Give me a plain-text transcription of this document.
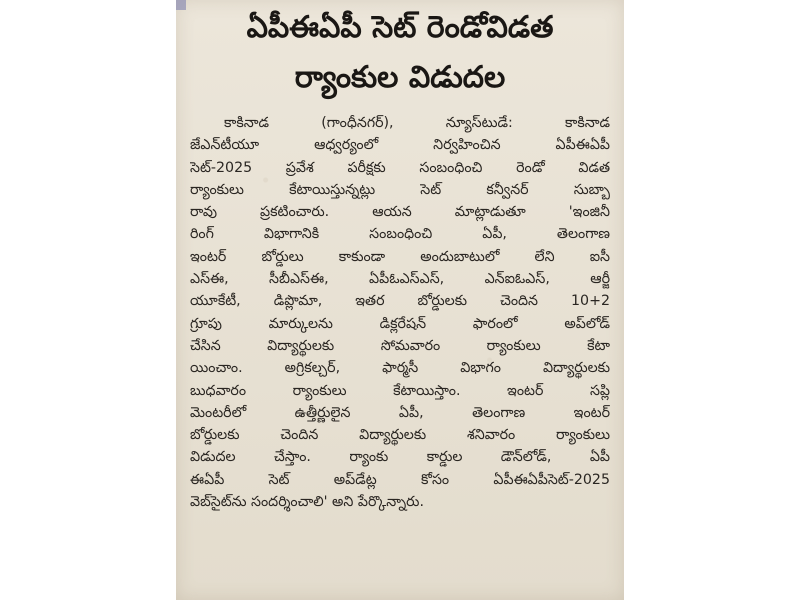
ఏపీఈఏపీ సెట్ రెండోవిడత
ర్యాంకుల విడుదల
కాకినాడ (గాంధీనగర్), న్యూస్‌టుడే: కాకినాడ
జేఎన్‌టీయూ ఆధ్వర్యంలో నిర్వహించిన ఏపీఈఏపీ
సెట్-2025 ప్రవేశ పరీక్షకు సంబంధించి రెండో విడత
ర్యాంకులు కేటాయిస్తున్నట్లు సెట్ కన్వీనర్ సుబ్బా
రావు ప్రకటించారు. ఆయన మాట్లాడుతూ 'ఇంజినీ
రింగ్ విభాగానికి సంబంధించి ఏపీ, తెలంగాణ
ఇంటర్ బోర్డులు కాకుండా అందుబాటులో లేని ఐసీ
ఎస్ఈ, సీబీఎస్ఈ, ఏపీఓఎస్ఎస్, ఎన్ఐఓఎస్, ఆర్జీ
యూకేటీ, డిప్లొమా, ఇతర బోర్డులకు చెందిన 10+2
గ్రూపు మార్కులను డిక్లరేషన్ ఫారంలో అప్‌లోడ్
చేసిన విద్యార్థులకు సోమవారం ర్యాంకులు కేటా
యించాం. అగ్రికల్చర్, ఫార్మసీ విభాగం విద్యార్థులకు
బుధవారం ర్యాంకులు కేటాయిస్తాం. ఇంటర్ సప్లి
మెంటరీలో ఉత్తీర్ణులైన ఏపీ, తెలంగాణ ఇంటర్
బోర్డులకు చెందిన విద్యార్థులకు శనివారం ర్యాంకులు
విడుదల చేస్తాం. ర్యాంకు కార్డుల డౌన్‌లోడ్, ఏపీ
ఈఏపీ సెట్ అప్‌డేట్ల కోసం ఏపీఈఏపీసెట్-2025
వెబ్‌సైట్‌ను సందర్శించాలి' అని పేర్కొన్నారు.
